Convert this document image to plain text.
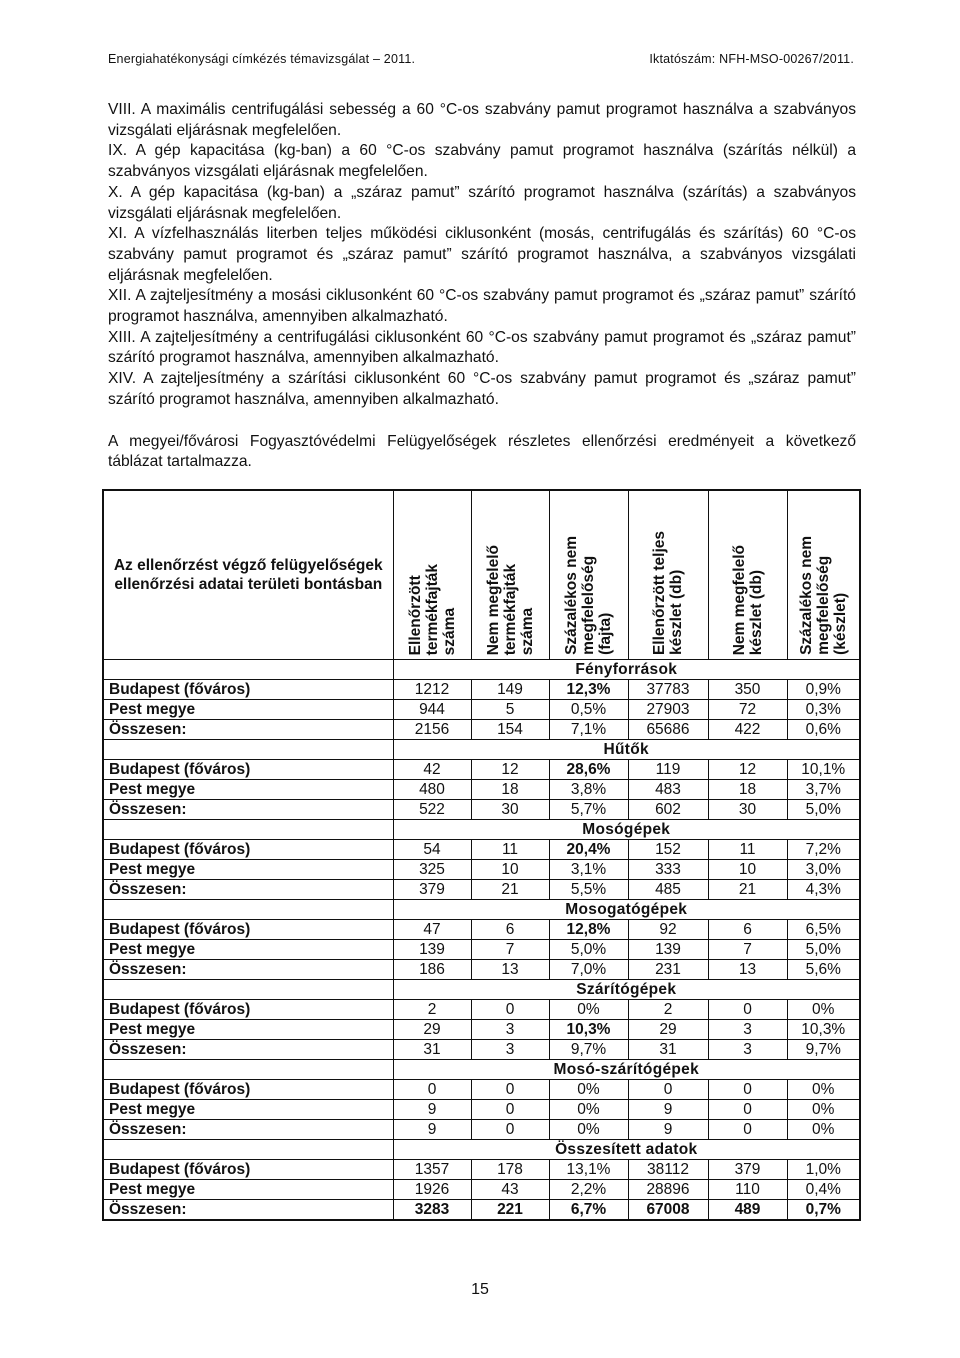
Energiahatékonysági címkézés témavizsgálat – 2011.	Iktatószám: NFH-MSO-00267/2011.

VIII. A maximális centrifugálási sebesség a 60 °C-os szabvány pamut programot használva a szabványos vizsgálati eljárásnak megfelelően.

IX. A gép kapacitása (kg-ban) a 60 °C-os szabvány pamut programot használva (szárítás nélkül) a szabványos vizsgálati eljárásnak megfelelően.

X. A gép kapacitása (kg-ban) a „száraz pamut” szárító programot használva (szárítás) a szabványos vizsgálati eljárásnak megfelelően.

XI. A vízfelhasználás literben teljes működési ciklusonként (mosás, centrifugálás és szárítás) 60 °C-os szabvány pamut programot és „száraz pamut” szárító programot használva, a szabványos vizsgálati eljárásnak megfelelően.

XII. A zajteljesítmény a mosási ciklusonként 60 °C-os szabvány pamut programot és „száraz pamut” szárító programot használva, amennyiben alkalmazható.

XIII. A zajteljesítmény a centrifugálási ciklusonként 60 °C-os szabvány pamut programot és „száraz pamut” szárító programot használva, amennyiben alkalmazható.

XIV. A zajteljesítmény a szárítási ciklusonként 60 °C-os szabvány pamut programot és „száraz pamut” szárító programot használva, amennyiben alkalmazható.

A megyei/fővárosi Fogyasztóvédelmi Felügyelőségek részletes ellenőrzési eredményeit a következő táblázat tartalmazza.

Az ellenőrzést végző felügyelőségek ellenőrzési adatai területi bontásban	Ellenőrzött
termékfajták
száma	Nem megfelelő
termékfajták
száma	Százalékos nem
megfelelőség
(fajta)	Ellenőrzött teljes
készlet (db)	Nem megfelelő
készlet (db)	Százalékos nem
megfelelőség
(készlet)

	Fényforrások					
Budapest (főváros)	1212	149	12,3%	37783	350	0,9%
Pest megye	944	5	0,5%	27903	72	0,3%
Összesen:	2156	154	7,1%	65686	422	0,6%
	Hűtők					
Budapest (főváros)	42	12	28,6%	119	12	10,1%
Pest megye	480	18	3,8%	483	18	3,7%
Összesen:	522	30	5,7%	602	30	5,0%
	Mosógépek					
Budapest (főváros)	54	11	20,4%	152	11	7,2%
Pest megye	325	10	3,1%	333	10	3,0%
Összesen:	379	21	5,5%	485	21	4,3%
	Mosogatógépek					
Budapest (főváros)	47	6	12,8%	92	6	6,5%
Pest megye	139	7	5,0%	139	7	5,0%
Összesen:	186	13	7,0%	231	13	5,6%
	Szárítógépek					
Budapest (főváros)	2	0	0%	2	0	0%
Pest megye	29	3	10,3%	29	3	10,3%
Összesen:	31	3	9,7%	31	3	9,7%
	Mosó-szárítógépek					
Budapest (főváros)	0	0	0%	0	0	0%
Pest megye	9	0	0%	9	0	0%
Összesen:	9	0	0%	9	0	0%
	Összesített adatok					
Budapest (főváros)	1357	178	13,1%	38112	379	1,0%
Pest megye	1926	43	2,2%	28896	110	0,4%
Összesen:	3283	221	6,7%	67008	489	0,7%
15
